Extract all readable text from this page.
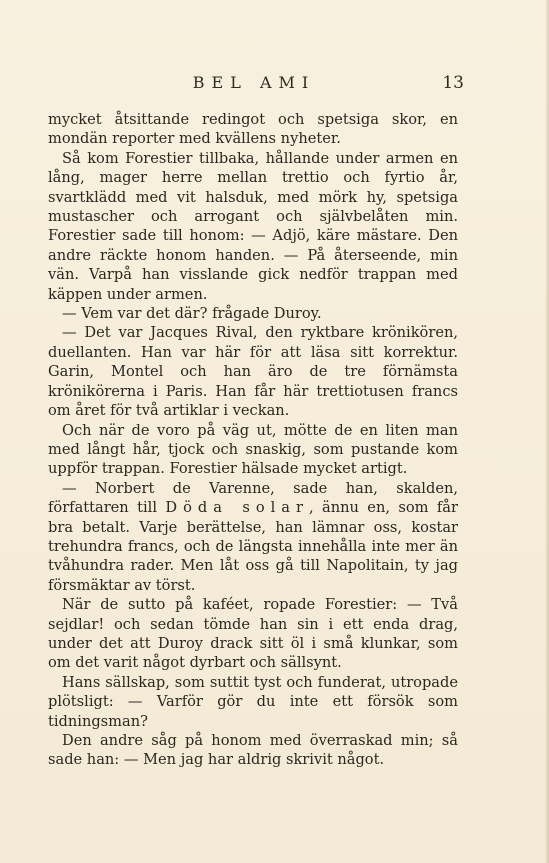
BEL AMI	13

mycket åtsittande redingot och spetsiga skor, en mondän reporter med kvällens nyheter.

Så kom Forestier tillbaka, hållande under armen en lång, mager herre mellan trettio och fyrtio år, svartklädd med vit halsduk, med mörk hy, spetsiga mustascher och arrogant och självbelåten min. Forestier sade till honom: — Adjö, käre mästare. Den andre räckte honom handen. — På återseende, min vän. Varpå han visslande gick nedför trappan med käppen under armen.

— Vem var det där? frågade Duroy.

— Det var Jacques Rival, den ryktbare krönikören, duellanten. Han var här för att läsa sitt korrektur. Garin, Montel och han äro de tre förnämsta krönikörerna i Paris. Han får här trettiotusen francs om året för två artiklar i veckan.

Och när de voro på väg ut, mötte de en liten man med långt hår, tjock och snaskig, som pustande kom uppför trappan. Forestier hälsade mycket artigt.

— Norbert de Varenne, sade han, skalden, författaren till Döda solar, ännu en, som får bra betalt. Varje berättelse, han lämnar oss, kostar trehundra francs, och de längsta innehålla inte mer än tvåhundra rader. Men låt oss gå till Napolitain, ty jag försmäktar av törst.

När de sutto på kaféet, ropade Forestier: — Två sejdlar! och sedan tömde han sin i ett enda drag, under det att Duroy drack sitt öl i små klunkar, som om det varit något dyrbart och sällsynt.

Hans sällskap, som suttit tyst och funderat, utropade plötsligt: — Varför gör du inte ett försök som tidningsman?

Den andre såg på honom med överraskad min; så sade han: — Men jag har aldrig skrivit något.
